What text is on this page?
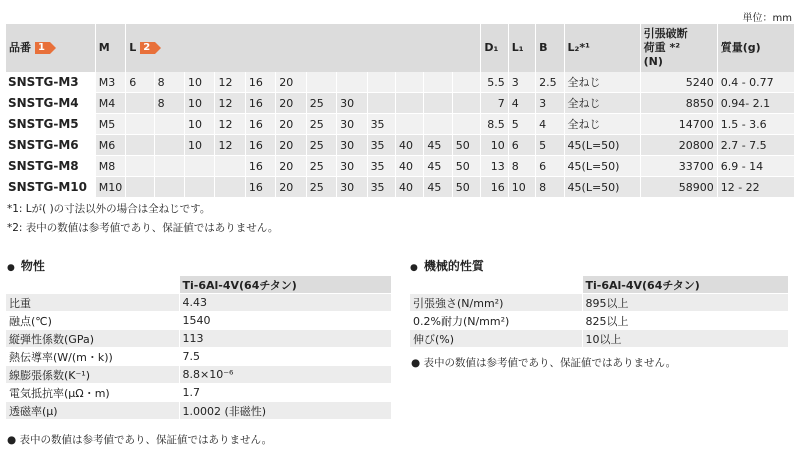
単位：mm
品番 1	M	L 2												D₁	L₁	B	L₂*¹	引張破断
荷重 *²
(N)	質量(g)
SNSTG-M3	M3	6	8	10	12	16	20							5.5	3	2.5	全ねじ	5240	0.4 - 0.77
SNSTG-M4	M4		8	10	12	16	20	25	30					7	4	3	全ねじ	8850	0.94- 2.1
SNSTG-M5	M5			10	12	16	20	25	30	35				8.5	5	4	全ねじ	14700	1.5 - 3.6
SNSTG-M6	M6			10	12	16	20	25	30	35	40	45	50	10	6	5	45(L=50)	20800	2.7 - 7.5
SNSTG-M8	M8					16	20	25	30	35	40	45	50	13	8	6	45(L=50)	33700	6.9 - 14
SNSTG-M10	M10					16	20	25	30	35	40	45	50	16	10	8	45(L=50)	58900	12 - 22
*1: Lが( )の寸法以外の場合は全ねじです。
*2: 表中の数値は参考値であり、保証値ではありません。
● 物性
	Ti-6Al-4V(64チタン)
比重	4.43
融点(℃)	1540
縦弾性係数(GPa)	113
熱伝導率(W/(m・k))	7.5
線膨張係数(K⁻¹)	8.8×10⁻⁶
電気抵抗率(μΩ・m)	1.7
透磁率(μ)	1.0002 (非磁性)
● 表中の数値は参考値であり、保証値ではありません。
● 機械的性質
	Ti-6Al-4V(64チタン)
引張強さ(N/mm²)	895以上
0.2%耐力(N/mm²)	825以上
伸び(%)	10以上
● 表中の数値は参考値であり、保証値ではありません。
